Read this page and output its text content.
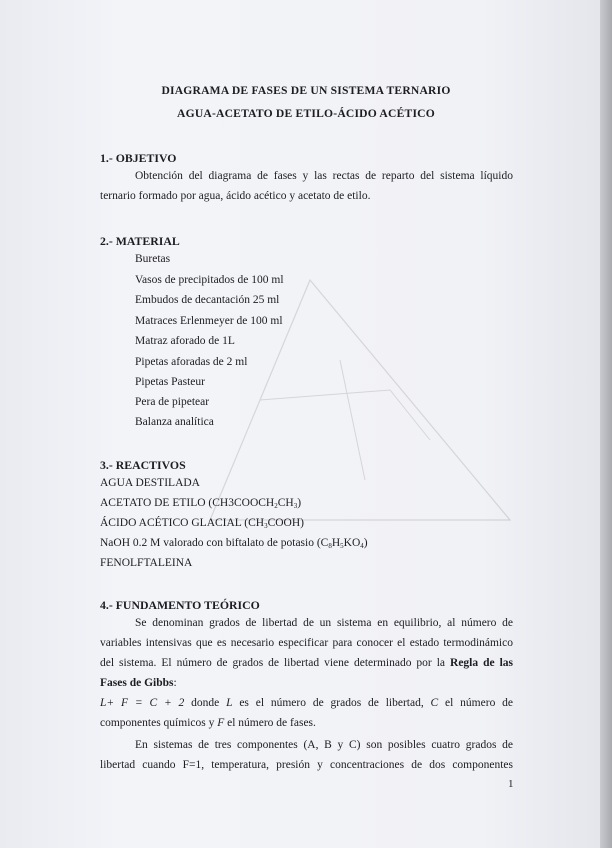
DIAGRAMA DE FASES DE UN SISTEMA TERNARIO
AGUA-ACETATO DE ETILO-ÁCIDO ACÉTICO
1.- OBJETIVO
Obtención del diagrama de fases y las rectas de reparto del sistema líquido
ternario formado por agua, ácido acético y acetato de etilo.
2.- MATERIAL
Buretas
Vasos de precipitados de 100 ml
Embudos de decantación 25 ml
Matraces Erlenmeyer de 100 ml
Matraz aforado de 1L
Pipetas aforadas de 2 ml
Pipetas Pasteur
Pera de pipetear
Balanza analítica
3.- REACTIVOS
AGUA DESTILADA
ACETATO DE ETILO $(CH3COOCH_2CH_3)$
ÁCIDO ACÉTICO GLACIAL $(CH_3COOH)$
NaOH 0.2 M valorado con biftalato de potasio $(C_8H_5KO_4)$
FENOLFTALEINA
4.- FUNDAMENTO TEÓRICO
Se denominan grados de libertad de un sistema en equilibrio, al número de
variables intensivas que es necesario especificar para conocer el estado termodinámico
del sistema. El número de grados de libertad viene determinado por la Regla de las
Fases de Gibbs:
L+ F = C + 2 donde L es el número de grados de libertad, C el número de
componentes químicos y F el número de fases.
En sistemas de tres componentes (A, B y C) son posibles cuatro grados de
libertad cuando F=1, temperatura, presión y concentraciones de dos componentes
1
